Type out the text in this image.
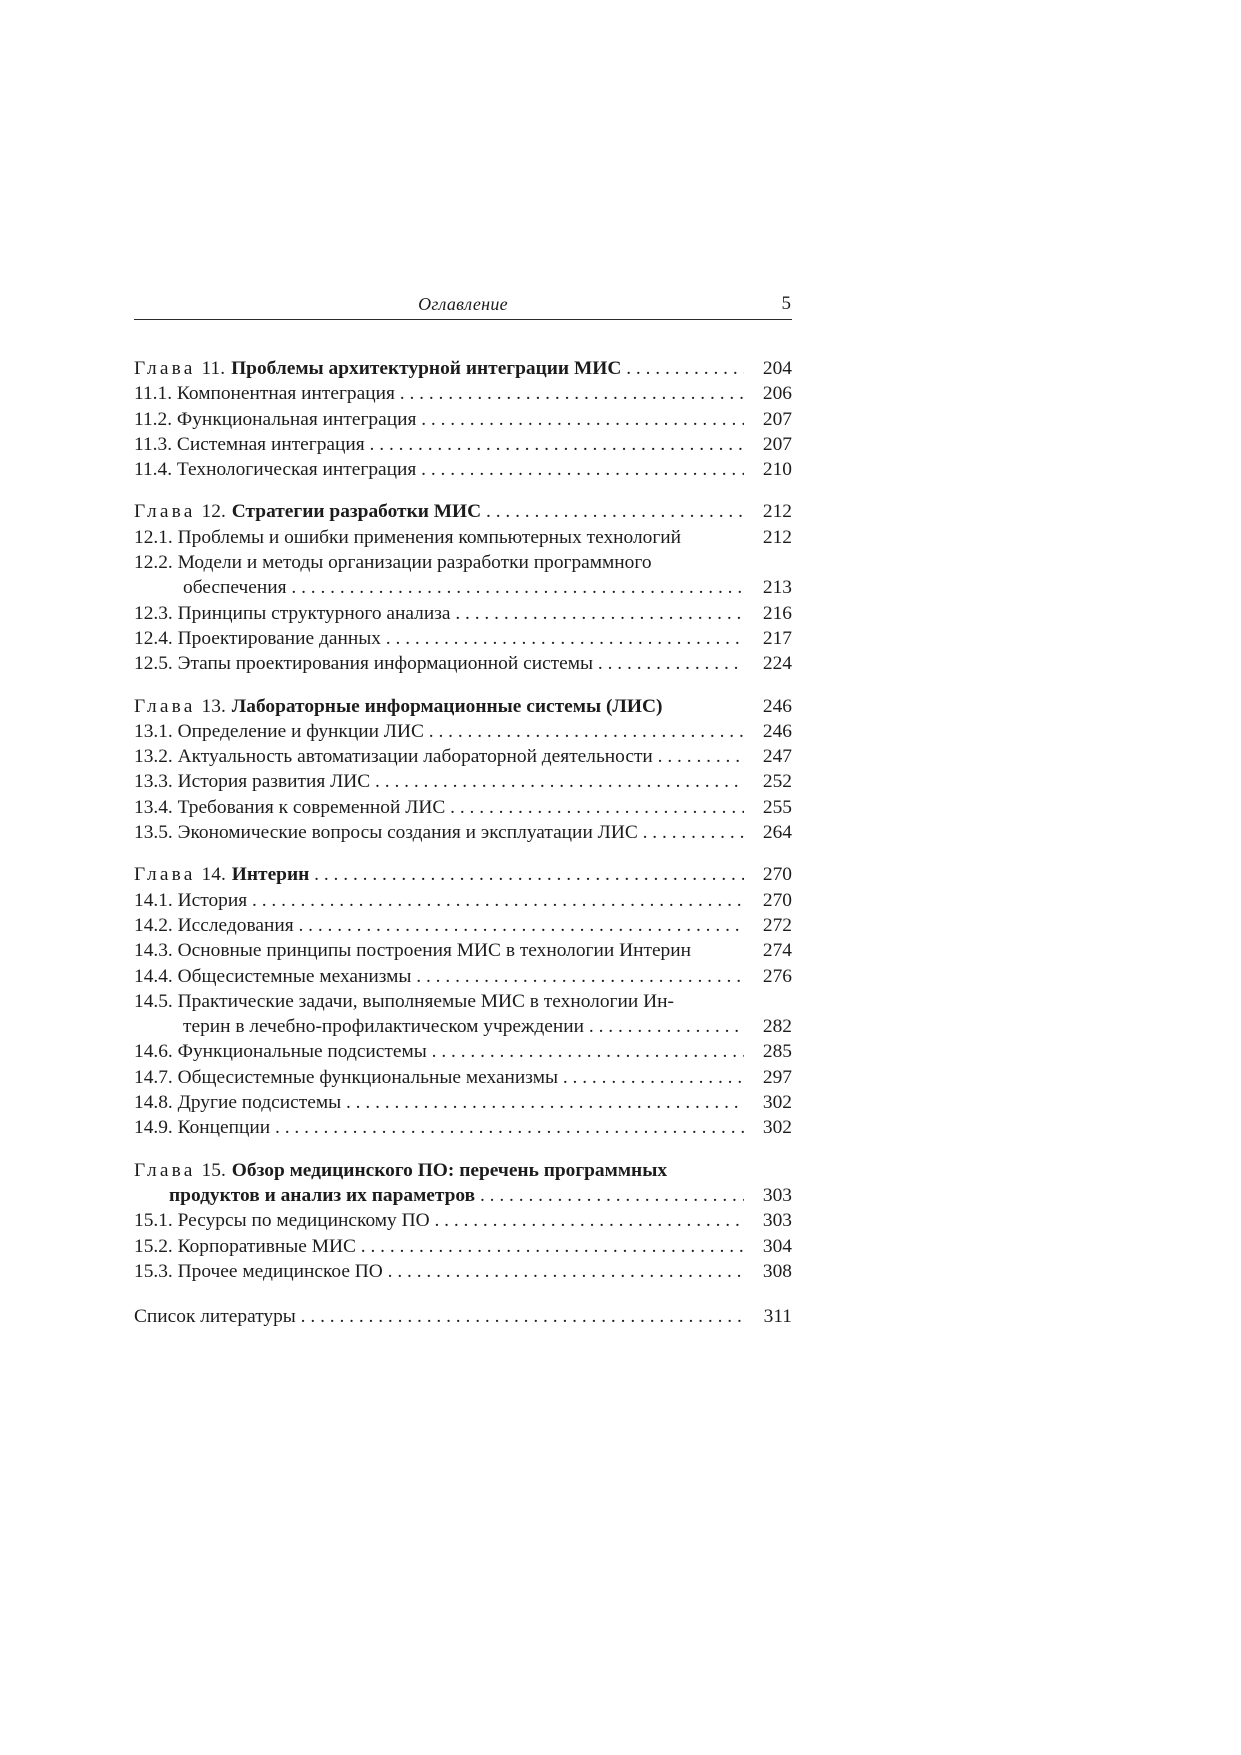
Оглавление	5
Глава 11. Проблемы архитектурной интеграции МИС . . .	204
11.1. Компонентная интеграция . . .	206
11.2. Функциональная интеграция . . .	207
11.3. Системная интеграция . . .	207
11.4. Технологическая интеграция . . .	210
Глава 12. Стратегии разработки МИС . . .	212
12.1. Проблемы и ошибки применения компьютерных технологий	212
12.2. Модели и методы организации разработки программного
обеспечения . . .	213
12.3. Принципы структурного анализа . . .	216
12.4. Проектирование данных . . .	217
12.5. Этапы проектирования информационной системы . . .	224
Глава 13. Лабораторные информационные системы (ЛИС)	246
13.1. Определение и функции ЛИС . . .	246
13.2. Актуальность автоматизации лабораторной деятельности . . .	247
13.3. История развития ЛИС . . .	252
13.4. Требования к современной ЛИС . . .	255
13.5. Экономические вопросы создания и эксплуатации ЛИС . . .	264
Глава 14. Интерин . . .	270
14.1. История . . .	270
14.2. Исследования . . .	272
14.3. Основные принципы построения МИС в технологии Интерин	274
14.4. Общесистемные механизмы . . .	276
14.5. Практические задачи, выполняемые МИС в технологии Ин-
терин в лечебно-профилактическом учреждении . . .	282
14.6. Функциональные подсистемы . . .	285
14.7. Общесистемные функциональные механизмы . . .	297
14.8. Другие подсистемы . . .	302
14.9. Концепции . . .	302
Глава 15. Обзор медицинского ПО: перечень программных
продуктов и анализ их параметров . . .	303
15.1. Ресурсы по медицинскому ПО . . .	303
15.2. Корпоративные МИС . . .	304
15.3. Прочее медицинское ПО . . .	308
Список литературы . . .	311
